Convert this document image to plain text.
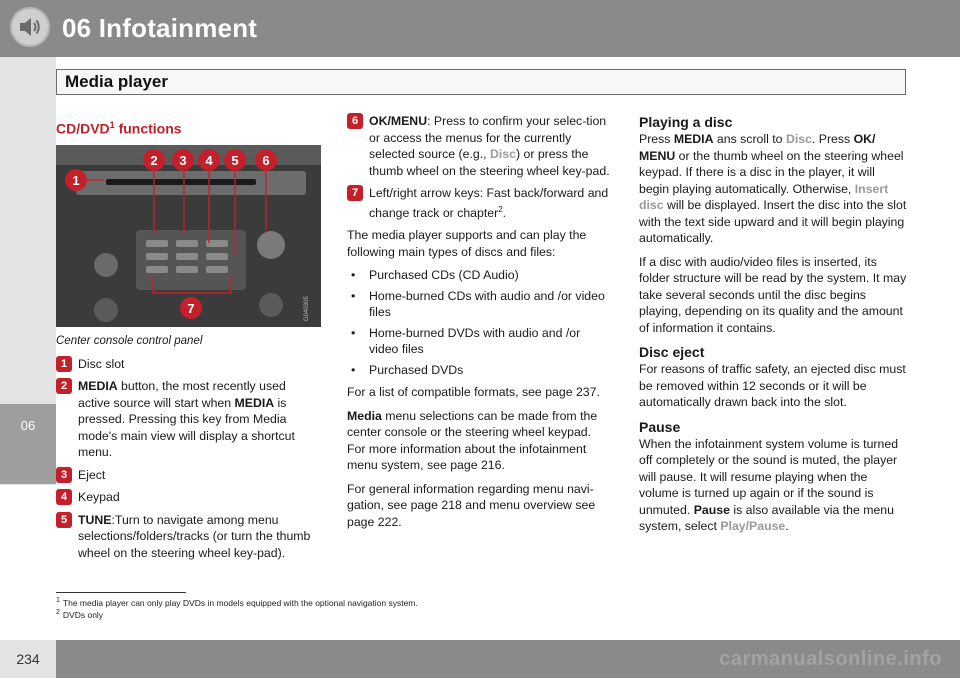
06 Infotainment
06
Media player
CD/DVD$^1$ functions
1
2 3 4 5 6
7	G040305
Center console control panel
1 Disc slot
2 MEDIA button, the most recently used active source will start when MEDIA is pressed. Pressing this key from Media mode's main view will display a shortcut menu.
3 Eject
4 Keypad
5 TUNE:Turn to navigate among menu selections/folders/tracks (or turn the thumb wheel on the steering wheel key-pad).
6 OK/MENU: Press to confirm your selec-tion or access the menus for the currently selected source (e.g., Disc) or press the thumb wheel on the steering wheel key-pad.
7 Left/right arrow keys: Fast back/forward and change track or chapter$^2$.

The media player supports and can play the following main types of discs and files:

• Purchased CDs (CD Audio)
• Home-burned CDs with audio and /or video files
• Home-burned DVDs with audio and /or video files
• Purchased DVDs

For a list of compatible formats, see page 237.

Media menu selections can be made from the center console or the steering wheel keypad. For more information about the infotainment menu system, see page 216.

For general information regarding menu navi-gation, see page 218 and menu overview see page 222.

Playing a disc

Press MEDIA ans scroll to Disc. Press OK/ MENU or the thumb wheel on the steering wheel keypad. If there is a disc in the player, it will begin playing automatically. Otherwise, Insert disc will be displayed. Insert the disc into the slot with the text side upward and it will begin playing automatically.

If a disc with audio/video files is inserted, its folder structure will be read by the system. It may take several seconds until the disc begins playing, depending on its quality and the amount of information it contains.

Disc eject

For reasons of traffic safety, an ejected disc must be removed within 12 seconds or it will be automatically drawn back into the slot.

Pause

When the infotainment system volume is turned off completely or the sound is muted, the player will pause. It will resume playing when the volume is turned up again or if the sound is unmuted. Pause is also available via the menu system, select Play/Pause.

$^1$ The media player can only play DVDs in models equipped with the optional navigation system.
$^2$ DVDs only
234	carmanualsonline.info
